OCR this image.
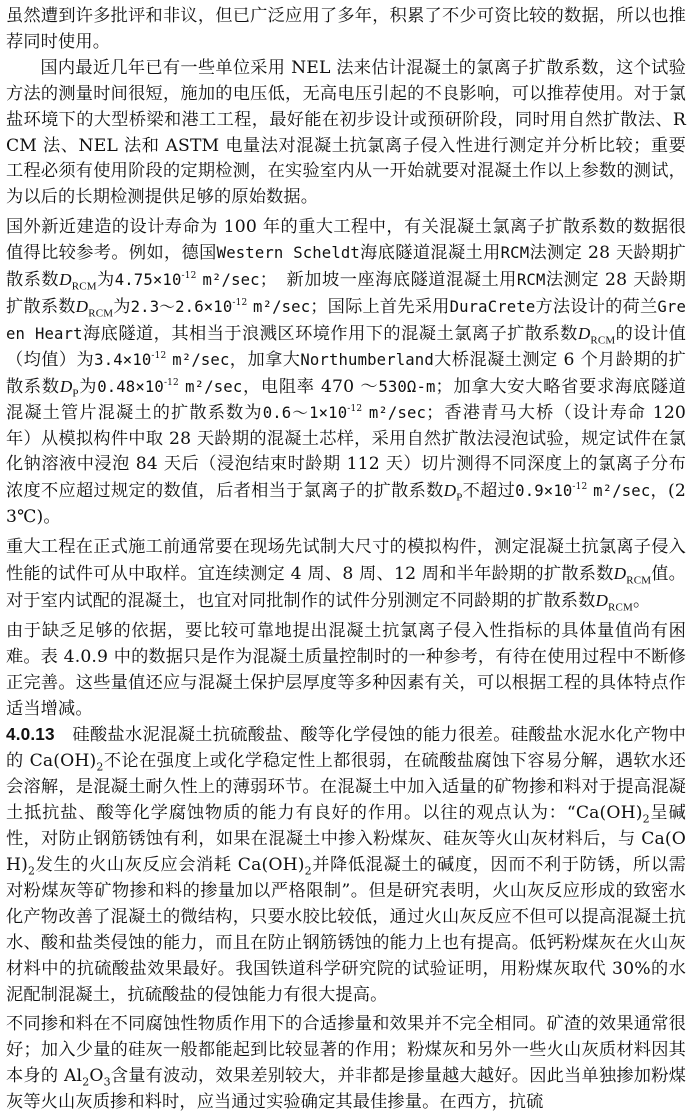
虽然遭到许多批评和非议，但已广泛应用了多年，积累了不少可资比较的数据，所以也推荐同时使用。

国内最近几年已有一些单位采用 NEL 法来估计混凝土的氯离子扩散系数，这个试验方法的测量时间很短，施加的电压低，无高电压引起的不良影响，可以推荐使用。对于氯盐环境下的大型桥梁和港工工程，最好能在初步设计或预研阶段，同时用自然扩散法、RCM 法、NEL 法和 ASTM 电量法对混凝土抗氯离子侵入性进行测定并分析比较；重要工程必须有使用阶段的定期检测，在实验室内从一开始就要对混凝土作以上参数的测试，为以后的长期检测提供足够的原始数据。

国外新近建造的设计寿命为 100 年的重大工程中，有关混凝土氯离子扩散系数的数据很值得比较参考。例如，德国Western Scheldt海底隧道混凝土用RCM法测定 28 天龄期扩散系数$D_{RCM}$为$4.75\times 10^{-12}$ m²/sec；　新加坡一座海底隧道混凝土用RCM法测定 28 天龄期扩散系数$D_{RCM}$为$2.3\sim 2.6\times 10^{-12}$ m²/sec；国际上首先采用DuraCrete方法设计的荷兰Green Heart海底隧道，其相当于浪溅区环境作用下的混凝土氯离子扩散系数$D_{RCM}$的设计值（均值）为$3.4\times 10^{-12}$ m²/sec，加拿大Northumberland大桥混凝土测定 6 个月龄期的扩散系数$D_P$为$0.48\times 10^{-12}$ m²/sec，电阻率 470 ～530Ω-m；加拿大安大略省要求海底隧道混凝土管片混凝土的扩散系数为$0.6\sim 1\times 10^{-12}$ m²/sec；香港青马大桥（设计寿命 120 年）从模拟构件中取 28 天龄期的混凝土芯样，采用自然扩散法浸泡试验，规定试件在氯化钠溶液中浸泡 84 天后（浸泡结束时龄期 112 天）切片测得不同深度上的氯离子分布浓度不应超过规定的数值，后者相当于氯离子的扩散系数$D_P$不超过$0.9\times 10^{-12}$ m²/sec，(23℃)。

重大工程在正式施工前通常要在现场先试制大尺寸的模拟构件，测定混凝土抗氯离子侵入性能的试件可从中取样。宜连续测定 4 周、8 周、12 周和半年龄期的扩散系数$D_{RCM}$值。对于室内试配的混凝土，也宜对同批制作的试件分别测定不同龄期的扩散系数$D_{RCM}$。

由于缺乏足够的依据，要比较可靠地提出混凝土抗氯离子侵入性指标的具体量值尚有困难。表 4.0.9 中的数据只是作为混凝土质量控制时的一种参考，有待在使用过程中不断修正完善。这些量值还应与混凝土保护层厚度等多种因素有关，可以根据工程的具体特点作适当增减。

4.0.13　 硅酸盐水泥混凝土抗硫酸盐、酸等化学侵蚀的能力很差。硅酸盐水泥水化产物中的 $Ca(OH)_2$不论在强度上或化学稳定性上都很弱，在硫酸盐腐蚀下容易分解，遇软水还会溶解，是混凝土耐久性上的薄弱环节。在混凝土中加入适量的矿物掺和料对于提高混凝土抵抗盐、酸等化学腐蚀物质的能力有良好的作用。以往的观点认为：“$Ca(OH)_2$呈碱性，对防止钢筋锈蚀有利，如果在混凝土中掺入粉煤灰、硅灰等火山灰材料后，与 $Ca(OH)_2$发生的火山灰反应会消耗 $Ca(OH)_2$并降低混凝土的碱度，因而不利于防锈，所以需对粉煤灰等矿物掺和料的掺量加以严格限制”。但是研究表明，火山灰反应形成的致密水化产物改善了混凝土的微结构，只要水胶比较低，通过火山灰反应不但可以提高混凝土抗水、酸和盐类侵蚀的能力，而且在防止钢筋锈蚀的能力上也有提高。低钙粉煤灰在火山灰材料中的抗硫酸盐效果最好。我国铁道科学研究院的试验证明，用粉煤灰取代 30%的水泥配制混凝土，抗硫酸盐的侵蚀能力有很大提高。

不同掺和料在不同腐蚀性物质作用下的合适掺量和效果并不完全相同。矿渣的效果通常很好；加入少量的硅灰一般都能起到比较显著的作用；粉煤灰和另外一些火山灰质材料因其本身的 $Al_2O_3$含量有波动，效果差别较大，并非都是掺量越大越好。因此当单独掺加粉煤灰等火山灰质掺和料时，应当通过实验确定其最佳掺量。在西方，抗硫
